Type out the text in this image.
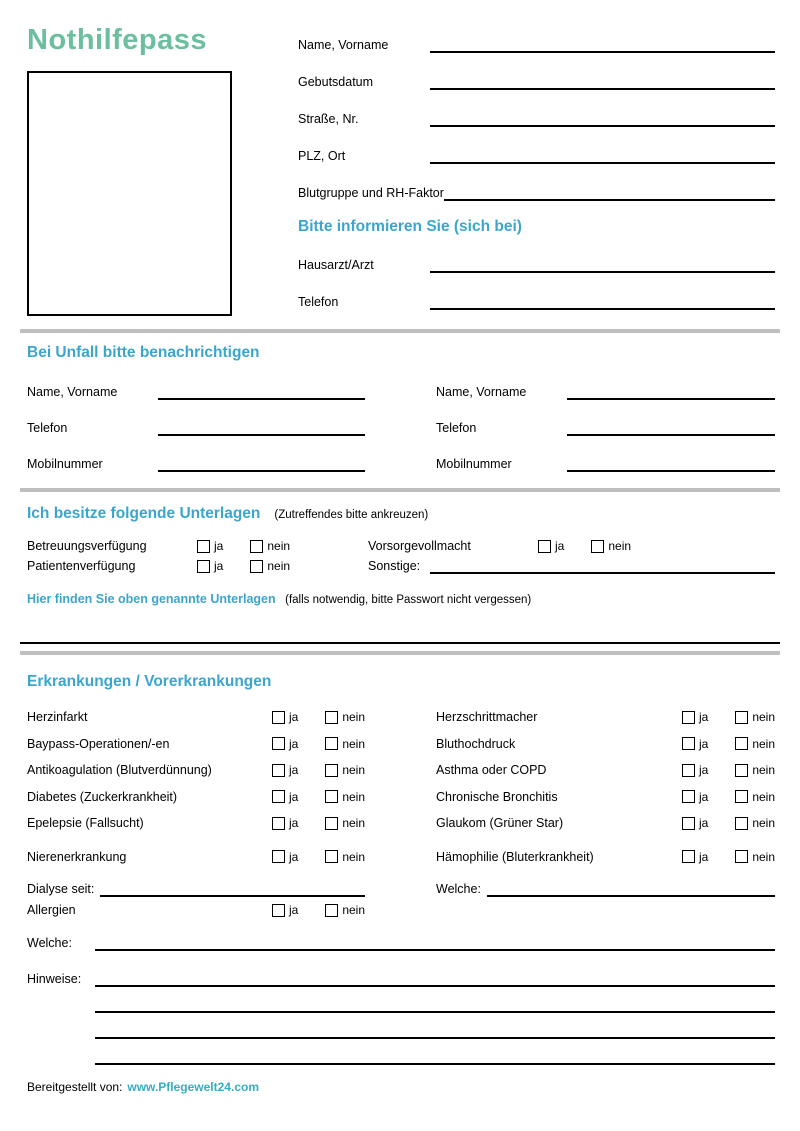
Nothilfepass	Name, Vorname
Gebutsdatum
Straße, Nr.
PLZ, Ort
Blutgruppe und RH-Faktor
Bitte informieren Sie (sich bei)
Hausarzt/Arzt
Telefon
Bei Unfall bitte benachrichtigen
Name, Vorname
Telefon
Mobilnummer
Name, Vorname
Telefon
Mobilnummer
Ich besitze folgende Unterlagen (Zutreffendes bitte ankreuzen)
Betreuungsverfügung	ja	nein	Vorsorgevollmacht	ja	nein
Patientenverfügung	ja	nein	Sonstige:
Hier finden Sie oben genannte Unterlagen (falls notwendig, bitte Passwort nicht vergessen)
Erkrankungen / Vorerkrankungen
Herzinfarkt	ja	nein
Baypass-Operationen/-en	ja	nein
Antikoagulation (Blutverdünnung)	ja	nein
Diabetes (Zuckerkrankheit)	ja	nein
Epelepsie (Fallsucht)	ja	nein
Nierenerkrankung	ja	nein
Dialyse seit:
Allergien	ja	nein
Herzschrittmacher	ja	nein
Bluthochdruck	ja	nein
Asthma oder COPD	ja	nein
Chronische Bronchitis	ja	nein
Glaukom (Grüner Star)	ja	nein
Hämophilie (Bluterkrankheit)	ja	nein
Welche:
Welche:
Hinweise:
Bereitgestellt von: www.Pflegewelt24.com
